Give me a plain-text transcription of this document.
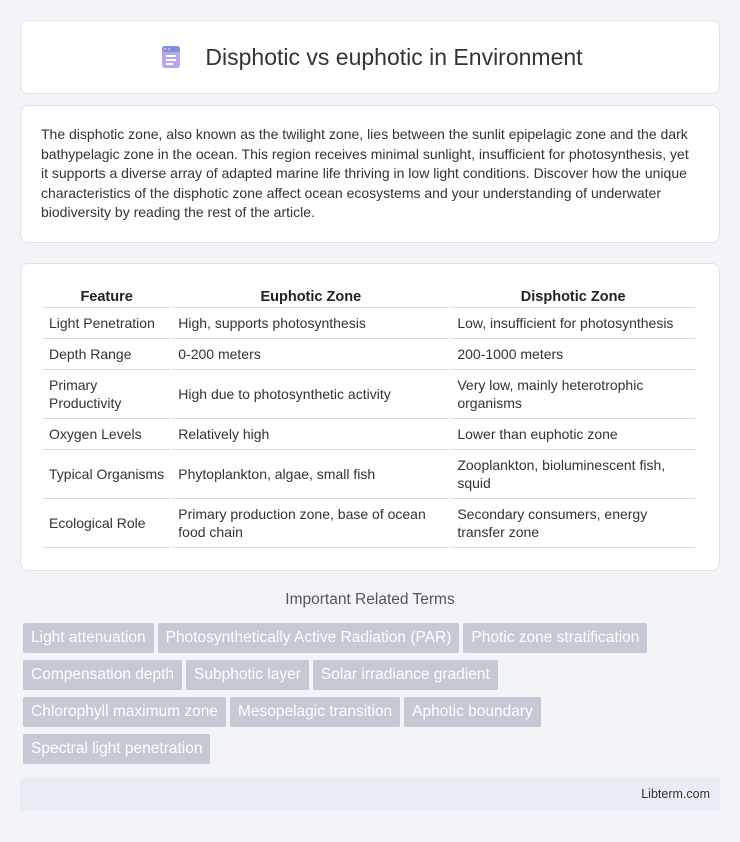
Disphotic vs euphotic in Environment

The disphotic zone, also known as the twilight zone, lies between the sunlit epipelagic zone and the dark bathypelagic zone in the ocean. This region receives minimal sunlight, insufficient for photosynthesis, yet it supports a diverse array of adapted marine life thriving in low light conditions. Discover how the unique characteristics of the disphotic zone affect ocean ecosystems and your understanding of underwater biodiversity by reading the rest of the article.

Feature	Euphotic Zone	Disphotic Zone
Light Penetration	High, supports photosynthesis	Low, insufficient for photosynthesis
Depth Range	0-200 meters	200-1000 meters
Primary Productivity	High due to photosynthetic activity	Very low, mainly heterotrophic organisms
Oxygen Levels	Relatively high	Lower than euphotic zone
Typical Organisms	Phytoplankton, algae, small fish	Zooplankton, bioluminescent fish, squid
Ecological Role	Primary production zone, base of ocean food chain	Secondary consumers, energy transfer zone
Important Related Terms
Light attenuation Photosynthetically Active Radiation (PAR) Photic zone stratification
Compensation depth Subphotic layer Solar irradiance gradient
Chlorophyll maximum zone Mesopelagic transition Aphotic boundary
Spectral light penetration
Libterm.com
